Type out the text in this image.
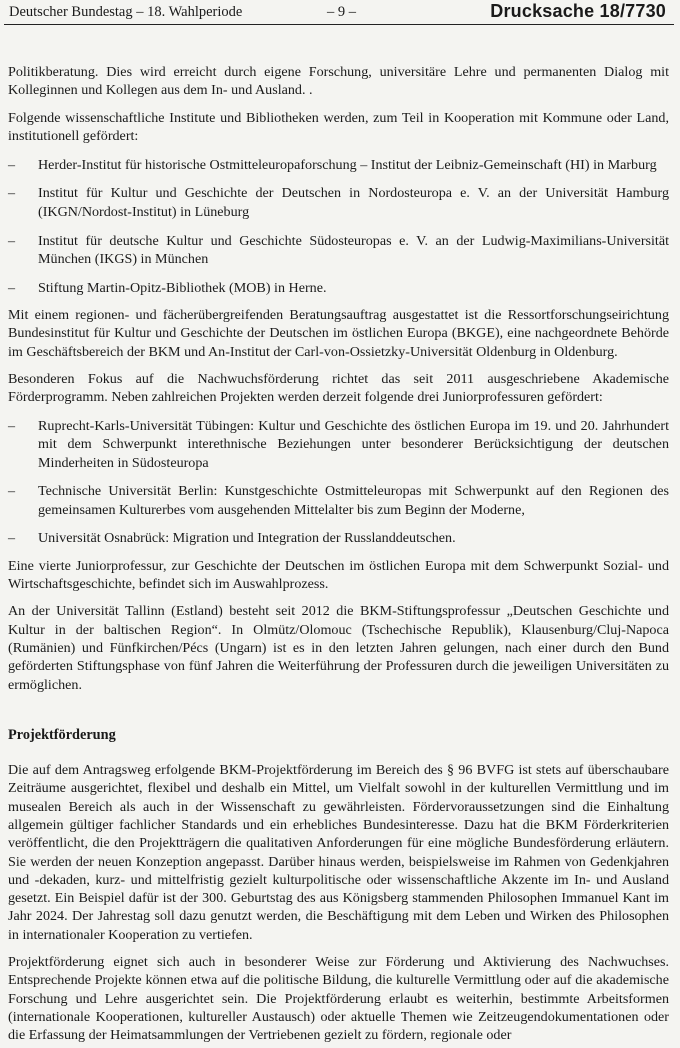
Deutscher Bundestag – 18. Wahlperiode	– 9 –	Drucksache 18/7730

Politikberatung. Dies wird erreicht durch eigene Forschung, universitäre Lehre und permanenten Dialog mit Kolleginnen und Kollegen aus dem In- und Ausland. .

Folgende wissenschaftliche Institute und Bibliotheken werden, zum Teil in Kooperation mit Kommune oder Land, institutionell gefördert:

– Herder-Institut für historische Ostmitteleuropaforschung – Institut der Leibniz-Gemeinschaft (HI) in Marburg
– Institut für Kultur und Geschichte der Deutschen in Nordosteuropa e. V. an der Universität Hamburg (IKGN/Nordost-Institut) in Lüneburg
– Institut für deutsche Kultur und Geschichte Südosteuropas e. V. an der Ludwig-Maximilians-Universität München (IKGS) in München
– Stiftung Martin-Opitz-Bibliothek (MOB) in Herne.

Mit einem regionen- und fächerübergreifenden Beratungsauftrag ausgestattet ist die Ressortforschungseirichtung Bundesinstitut für Kultur und Geschichte der Deutschen im östlichen Europa (BKGE), eine nachgeordnete Behörde im Geschäftsbereich der BKM und An-Institut der Carl-von-Ossietzky-Universität Oldenburg in Oldenburg.

Besonderen Fokus auf die Nachwuchsförderung richtet das seit 2011 ausgeschriebene Akademische Förderprogramm. Neben zahlreichen Projekten werden derzeit folgende drei Juniorprofessuren gefördert:

– Ruprecht-Karls-Universität Tübingen: Kultur und Geschichte des östlichen Europa im 19. und 20. Jahrhundert mit dem Schwerpunkt interethnische Beziehungen unter besonderer Berücksichtigung der deutschen Minderheiten in Südosteuropa
– Technische Universität Berlin: Kunstgeschichte Ostmitteleuropas mit Schwerpunkt auf den Regionen des gemeinsamen Kulturerbes vom ausgehenden Mittelalter bis zum Beginn der Moderne,
– Universität Osnabrück: Migration und Integration der Russlanddeutschen.

Eine vierte Juniorprofessur, zur Geschichte der Deutschen im östlichen Europa mit dem Schwerpunkt Sozial- und Wirtschaftsgeschichte, befindet sich im Auswahlprozess.

An der Universität Tallinn (Estland) besteht seit 2012 die BKM-Stiftungsprofessur „Deutschen Geschichte und Kultur in der baltischen Region“. In Olmütz/Olomouc (Tschechische Republik), Klausenburg/Cluj-Napoca (Rumänien) und Fünfkirchen/Pécs (Ungarn) ist es in den letzten Jahren gelungen, nach einer durch den Bund geförderten Stiftungsphase von fünf Jahren die Weiterführung der Professuren durch die jeweiligen Universitäten zu ermöglichen.

Projektförderung

Die auf dem Antragsweg erfolgende BKM-Projektförderung im Bereich des § 96 BVFG ist stets auf überschaubare Zeiträume ausgerichtet, flexibel und deshalb ein Mittel, um Vielfalt sowohl in der kulturellen Vermittlung und im musealen Bereich als auch in der Wissenschaft zu gewährleisten. Fördervoraussetzungen sind die Einhaltung allgemein gültiger fachlicher Standards und ein erhebliches Bundesinteresse. Dazu hat die BKM Förderkriterien veröffentlicht, die den Projektträgern die qualitativen Anforderungen für eine mögliche Bundesförderung erläutern. Sie werden der neuen Konzeption angepasst. Darüber hinaus werden, beispielsweise im Rahmen von Gedenkjahren und -dekaden, kurz- und mittelfristig gezielt kulturpolitische oder wissenschaftliche Akzente im In- und Ausland gesetzt. Ein Beispiel dafür ist der 300. Geburtstag des aus Königsberg stammenden Philosophen Immanuel Kant im Jahr 2024. Der Jahrestag soll dazu genutzt werden, die Beschäftigung mit dem Leben und Wirken des Philosophen in internationaler Kooperation zu vertiefen.

Projektförderung eignet sich auch in besonderer Weise zur Förderung und Aktivierung des Nachwuchses. Entsprechende Projekte können etwa auf die politische Bildung, die kulturelle Vermittlung oder auf die akademische Forschung und Lehre ausgerichtet sein. Die Projektförderung erlaubt es weiterhin, bestimmte Arbeitsformen (internationale Kooperationen, kultureller Austausch) oder aktuelle Themen wie Zeitzeugendokumentationen oder die Erfassung der Heimatsammlungen der Vertriebenen gezielt zu fördern, regionale oder
